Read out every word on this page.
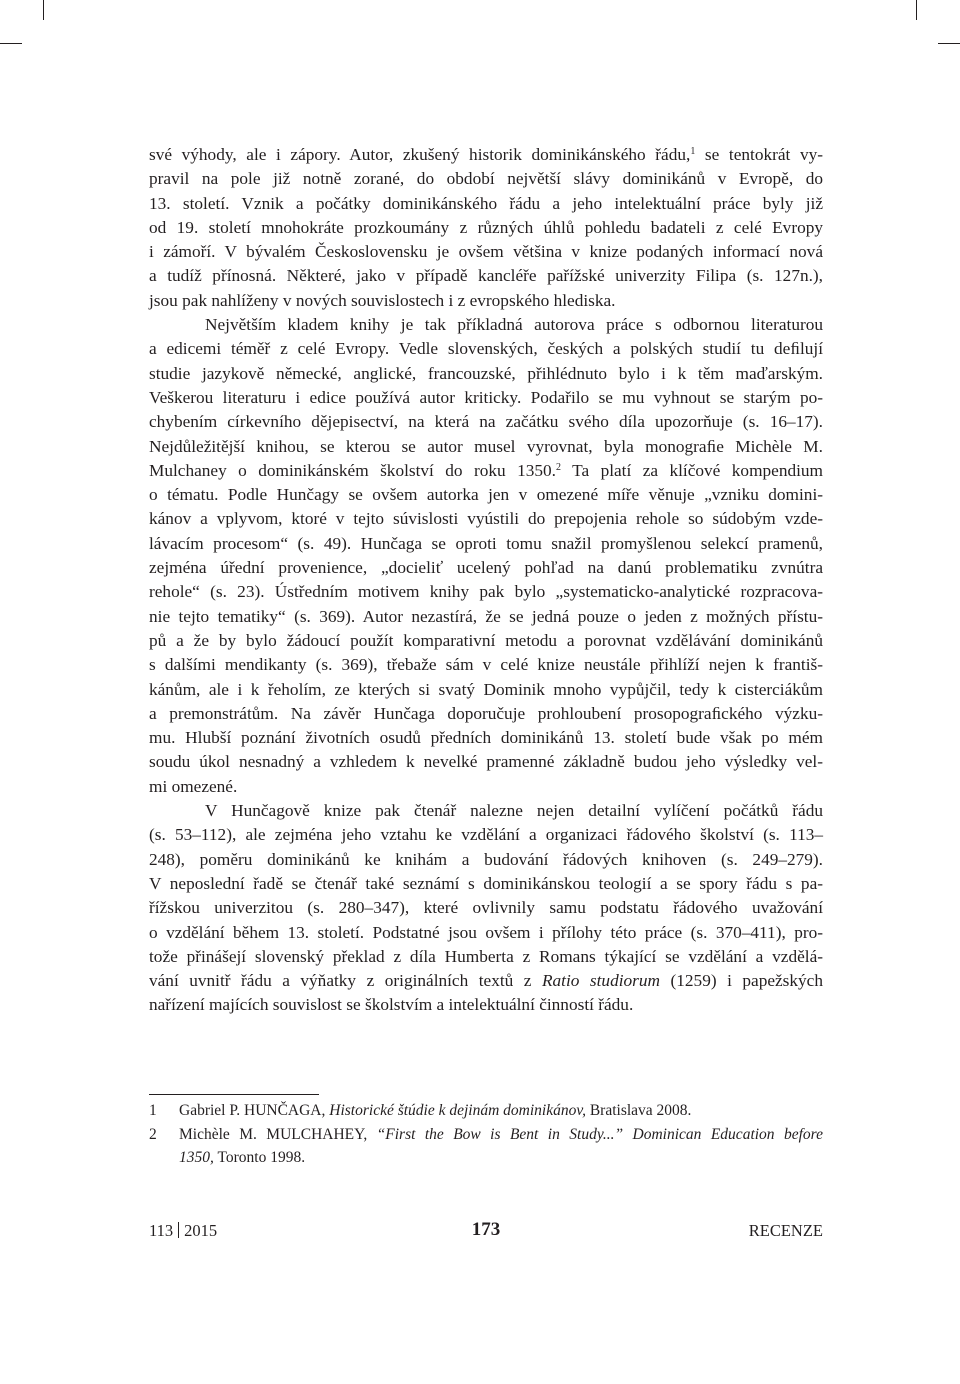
své výhody, ale i zápory. Autor, zkušený historik dominikánského řádu,$^1$ se tentokrát vy-
pravil na pole již notně zorané, do období největší slávy dominikánů v Evropě, do
13. století. Vznik a počátky dominikánského řádu a jeho intelektuální práce byly již
od 19. století mnohokráte prozkoumány z různých úhlů pohledu badateli z celé Evropy
i zámoří. V bývalém Československu je ovšem většina v knize podaných informací nová
a tudíž přínosná. Některé, jako v případě kancléře pařížské univerzity Filipa (s. 127n.),
jsou pak nahlíženy v nových souvislostech i z evropského hlediska.

Největším kladem knihy je tak příkladná autorova práce s odbornou literaturou
a edicemi téměř z celé Evropy. Vedle slovenských, českých a polských studií tu deﬁlují
studie jazykově německé, anglické, francouzské, přihlédnuto bylo i k těm maďarským.
Veškerou literaturu i edice používá autor kriticky. Podařilo se mu vyhnout se starým po-
chybením církevního dějepisectví, na která na začátku svého díla upozorňuje (s. 16–17).
Nejdůležitější knihou, se kterou se autor musel vyrovnat, byla monograﬁe Michèle M.
Mulchaney o dominikánském školství do roku 1350.$^2$ Ta platí za klíčové kompendium
o tématu. Podle Hunčagy se ovšem autorka jen v omezené míře věnuje „vzniku domini-
kánov a vplyvom, ktoré v tejto súvislosti vyústili do prepojenia rehole so súdobým vzde-
lávacím procesom“ (s. 49). Hunčaga se oproti tomu snažil promyšlenou selekcí pramenů,
zejména úřední provenience, „docieliť ucelený pohľad na danú problematiku zvnútra
rehole“ (s. 23). Ústředním motivem knihy pak bylo „systematicko-analytické rozpracova-
nie tejto tematiky“ (s. 369). Autor nezastírá, že se jedná pouze o jeden z možných přístu-
pů a že by bylo žádoucí použít komparativní metodu a porovnat vzdělávání dominikánů
s dalšími mendikanty (s. 369), třebaže sám v celé knize neustále přihlíží nejen k františ-
kánům, ale i k řeholím, ze kterých si svatý Dominik mnoho vypůjčil, tedy k cisterciákům
a premonstrátům. Na závěr Hunčaga doporučuje prohloubení prosopograﬁckého výzku-
mu. Hlubší poznání životních osudů předních dominikánů 13. století bude však po mém
soudu úkol nesnadný a vzhledem k nevelké pramenné základně budou jeho výsledky vel-
mi omezené.

V Hunčagově knize pak čtenář nalezne nejen detailní vylíčení počátků řádu
(s. 53–112), ale zejména jeho vztahu ke vzdělání a organizaci řádového školství (s. 113–
248), poměru dominikánů ke knihám a budování řádových knihoven (s. 249–279).
V neposlední řadě se čtenář také seznámí s dominikánskou teologií a se spory řádu s pa-
řížskou univerzitou (s. 280–347), které ovlivnily samu podstatu řádového uvažování
o vzdělání během 13. století. Podstatné jsou ovšem i přílohy této práce (s. 370–411), pro-
tože přinášejí slovenský překlad z díla Humberta z Romans týkající se vzdělání a vzdělá-
vání uvnitř řádu a výňatky z originálních textů z Ratio studiorum (1259) i papežských
nařízení majících souvislost se školstvím a intelektuální činností řádu.

1 Gabriel P. HUNČAGA, Historické štúdie k dejinám dominikánov, Bratislava 2008.
2 Michèle M. MULCHAHEY, “First the Bow is Bent in Study...” Dominican Education before
1350, Toronto 1998.
113 2015	173	RECENZE
